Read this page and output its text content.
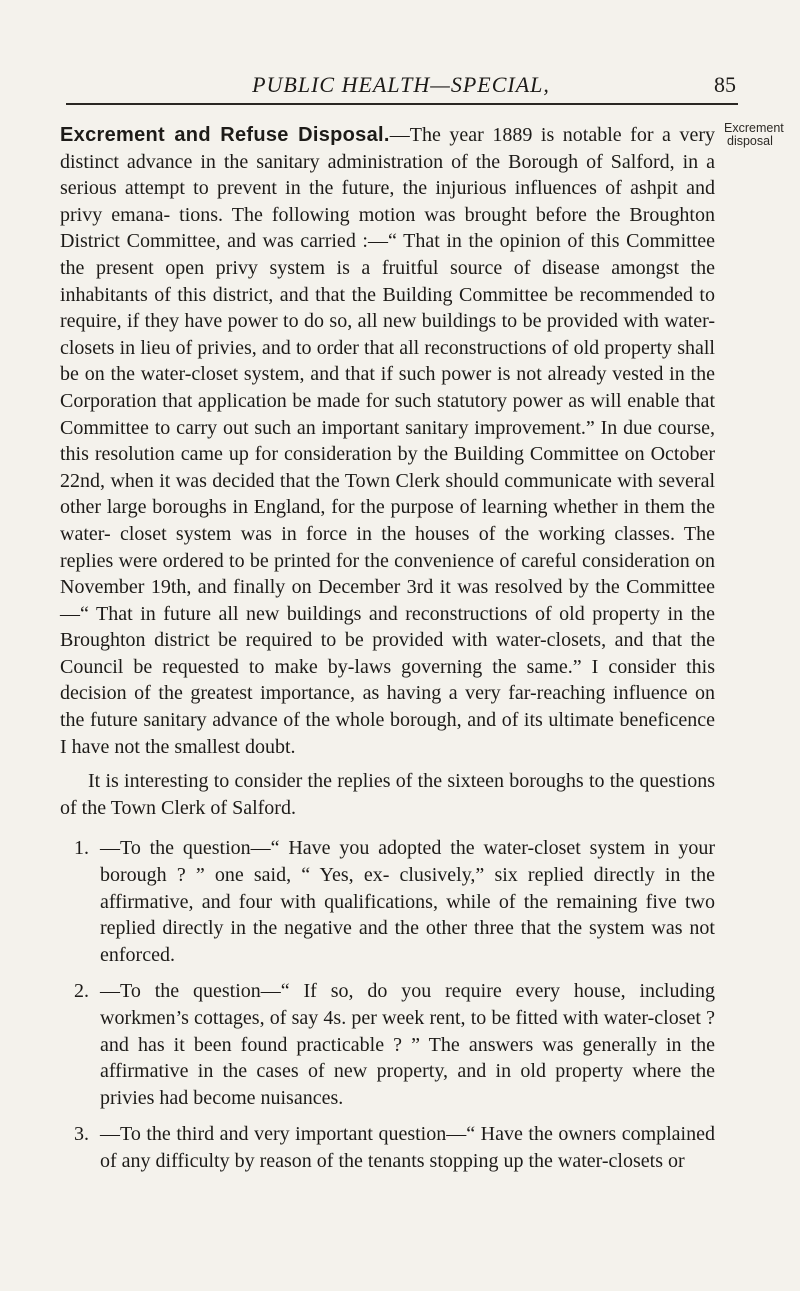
PUBLIC HEALTH—SPECIAL,	85
Excrement
disposal

Excrement and Refuse Disposal.—The year 1889 is notable for a very distinct advance in the sanitary administration of the Borough of Salford, in a serious attempt to prevent in the future, the injurious influences of ashpit and privy emana- tions. The following motion was brought before the Broughton District Committee, and was carried :—“ That in the opinion of this Committee the present open privy system is a fruitful source of disease amongst the inhabitants of this district, and that the Building Committee be recommended to require, if they have power to do so, all new buildings to be provided with water- closets in lieu of privies, and to order that all reconstructions of old property shall be on the water-closet system, and that if such power is not already vested in the Corporation that application be made for such statutory power as will enable that Committee to carry out such an important sanitary improvement.” In due course, this resolution came up for consideration by the Building Committee on October 22nd, when it was decided that the Town Clerk should communicate with several other large boroughs in England, for the purpose of learning whether in them the water- closet system was in force in the houses of the working classes. The replies were ordered to be printed for the convenience of careful consideration on November 19th, and finally on December 3rd it was resolved by the Committee—“ That in future all new buildings and reconstructions of old property in the Broughton district be required to be provided with water-closets, and that the Council be requested to make by-laws governing the same.” I consider this decision of the greatest importance, as having a very far-reaching influence on the future sanitary advance of the whole borough, and of its ultimate beneficence I have not the smallest doubt.

It is interesting to consider the replies of the sixteen boroughs to the questions of the Town Clerk of Salford.

1. —To the question—“ Have you adopted the water-closet system in your borough ? ” one said, “ Yes, ex- clusively,” six replied directly in the affirmative, and four with qualifications, while of the remaining five two replied directly in the negative and the other three that the system was not enforced.
2. —To the question—“ If so, do you require every house, including workmen’s cottages, of say 4s. per week rent, to be fitted with water-closet ? and has it been found practicable ? ” The answers was generally in the affirmative in the cases of new property, and in old property where the privies had become nuisances.
3. —To the third and very important question—“ Have the owners complained of any difficulty by reason of the tenants stopping up the water-closets or
